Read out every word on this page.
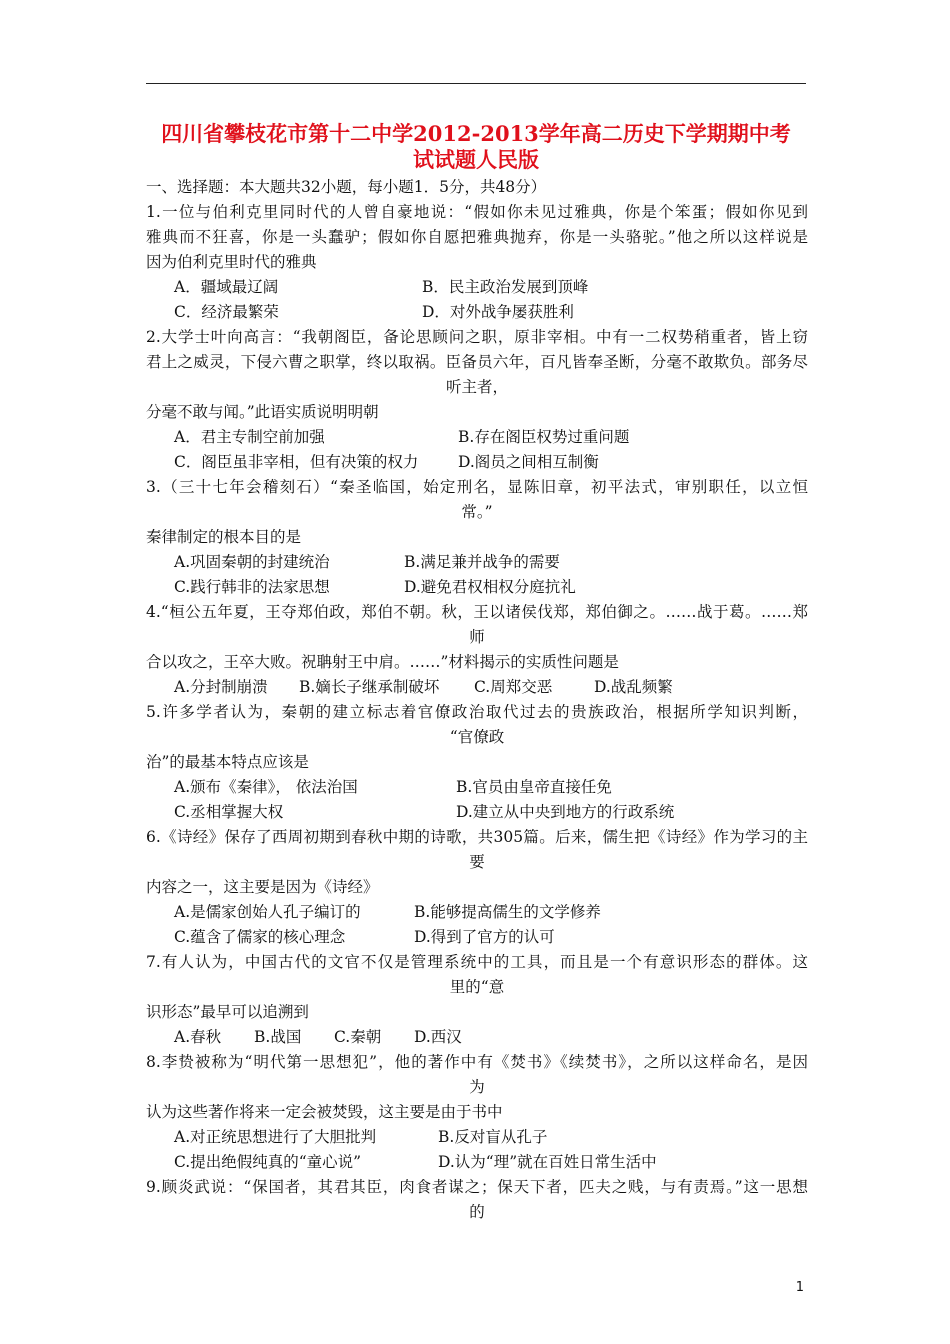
四川省攀枝花市第十二中学2012-2013学年高二历史下学期期中考
试试题人民版
一、选择题：本大题共32小题，每小题1．5分，共48分）
1.一位与伯利克里同时代的人曾自豪地说：“假如你未见过雅典，你是个笨蛋；假如你见到
雅典而不狂喜，你是一头蠢驴；假如你自愿把雅典抛弃，你是一头骆驼。”他之所以这样说是
因为伯利克里时代的雅典
A．疆域最辽阔	B．民主政治发展到顶峰
C．经济最繁荣	D．对外战争屡获胜利
2.大学士叶向高言：“我朝阁臣，备论思顾问之职，原非宰相。中有一二权势稍重者，皆上窃
君上之威灵，下侵六曹之职掌，终以取祸。臣备员六年，百凡皆奉圣断，分毫不敢欺负。部务尽
听主者，
分毫不敢与闻。”此语实质说明明朝
A．君主专制空前加强	B.存在阁臣权势过重问题
C．阁臣虽非宰相，但有决策的权力	D.阁员之间相互制衡
3.（三十七年会稽刻石）“秦圣临国，始定刑名，显陈旧章，初平法式，审别职任，以立恒
常。”
秦律制定的根本目的是
A.巩固秦朝的封建统治	B.满足兼并战争的需要
C.践行韩非的法家思想	D.避免君权相权分庭抗礼
4.“桓公五年夏，王夺郑伯政，郑伯不朝。秋，王以诸侯伐郑，郑伯御之。……战于葛。……郑
师
合以攻之，王卒大败。祝聃射王中肩。……”材料揭示的实质性问题是
A.分封制崩溃 B.嫡长子继承制破坏 C.周郑交恶	D.战乱频繁
5.许多学者认为，秦朝的建立标志着官僚政治取代过去的贵族政治，根据所学知识判断，
“官僚政
治”的最基本特点应该是
A.颁布《秦律》， 依法治国	B.官员由皇帝直接任免
C.丞相掌握大权	D.建立从中央到地方的行政系统
6.《诗经》保存了西周初期到春秋中期的诗歌，共305篇。后来，儒生把《诗经》作为学习的主
要
内容之一，这主要是因为《诗经》
A.是儒家创始人孔子编订的	B.能够提高儒生的文学修养
C.蕴含了儒家的核心理念	D.得到了官方的认可
7.有人认为，中国古代的文官不仅是管理系统中的工具，而且是一个有意识形态的群体。这
里的“意
识形态”最早可以追溯到
A.春秋 B.战国 C.秦朝 D.西汉
8.李贽被称为“明代第一思想犯”，他的著作中有《焚书》《续焚书》，之所以这样命名，是因
为
认为这些著作将来一定会被焚毁，这主要是由于书中
A.对正统思想进行了大胆批判	B.反对盲从孔子
C.提出绝假纯真的“童心说”	D.认为“理”就在百姓日常生活中
9.顾炎武说：“保国者，其君其臣，肉食者谋之；保天下者，匹夫之贱，与有责焉。”这一思想
的
1
